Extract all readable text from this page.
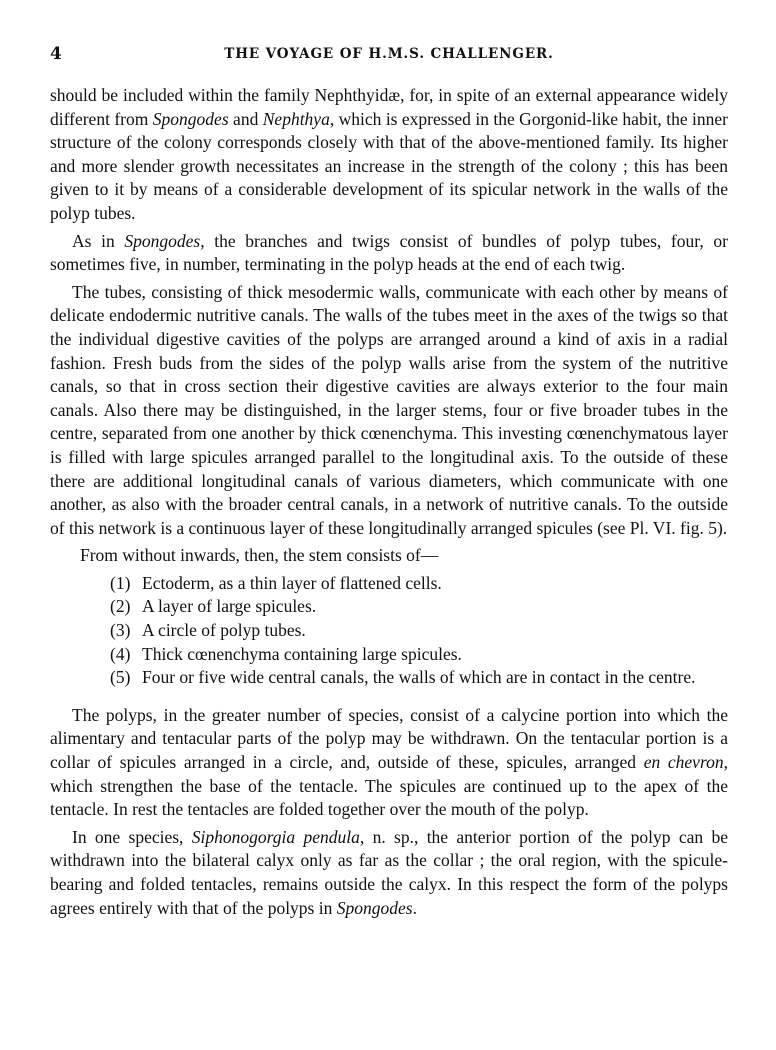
4	THE VOYAGE OF H.M.S. CHALLENGER.

should be included within the family Nephthyidæ, for, in spite of an external appearance widely different from Spongodes and Nephthya, which is expressed in the Gorgonid-like habit, the inner structure of the colony corresponds closely with that of the above-mentioned family. Its higher and more slender growth necessitates an increase in the strength of the colony ; this has been given to it by means of a considerable development of its spicular network in the walls of the polyp tubes.

As in Spongodes, the branches and twigs consist of bundles of polyp tubes, four, or sometimes five, in number, terminating in the polyp heads at the end of each twig.

The tubes, consisting of thick mesodermic walls, communicate with each other by means of delicate endodermic nutritive canals. The walls of the tubes meet in the axes of the twigs so that the individual digestive cavities of the polyps are arranged around a kind of axis in a radial fashion. Fresh buds from the sides of the polyp walls arise from the system of the nutritive canals, so that in cross section their digestive cavities are always exterior to the four main canals. Also there may be distinguished, in the larger stems, four or five broader tubes in the centre, separated from one another by thick cœnenchyma. This investing cœnenchymatous layer is filled with large spicules arranged parallel to the longitudinal axis. To the outside of these there are additional longitudinal canals of various diameters, which communicate with one another, as also with the broader central canals, in a network of nutritive canals. To the outside of this network is a continuous layer of these longitudinally arranged spicules (see Pl. VI. fig. 5).

From without inwards, then, the stem consists of—

(1) Ectoderm, as a thin layer of flattened cells.
(2) A layer of large spicules.
(3) A circle of polyp tubes.
(4) Thick cœnenchyma containing large spicules.
(5) Four or five wide central canals, the walls of which are in contact in the centre.

The polyps, in the greater number of species, consist of a calycine portion into which the alimentary and tentacular parts of the polyp may be withdrawn. On the tentacular portion is a collar of spicules arranged in a circle, and, outside of these, spicules, arranged en chevron, which strengthen the base of the tentacle. The spicules are continued up to the apex of the tentacle. In rest the tentacles are folded together over the mouth of the polyp.

In one species, Siphonogorgia pendula, n. sp., the anterior portion of the polyp can be withdrawn into the bilateral calyx only as far as the collar ; the oral region, with the spicule-bearing and folded tentacles, remains outside the calyx. In this respect the form of the polyps agrees entirely with that of the polyps in Spongodes.
